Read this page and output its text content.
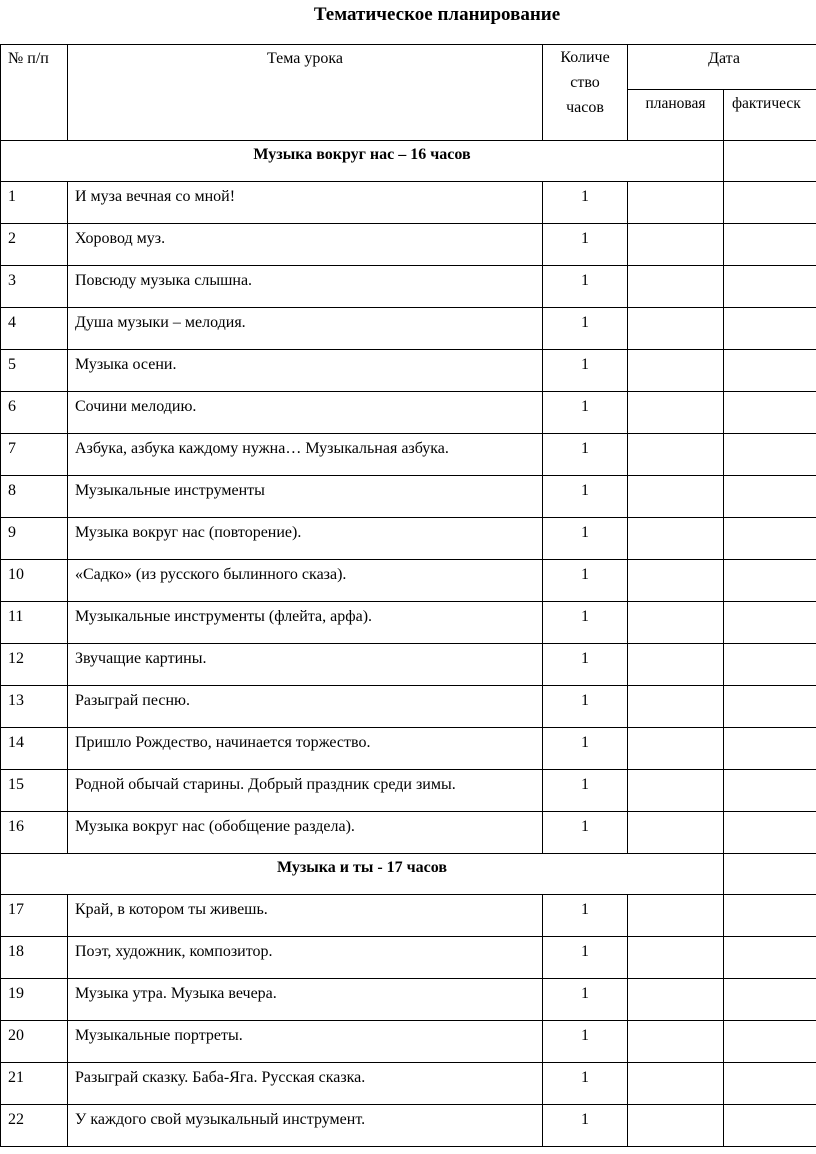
Тематическое планирование
№ п/п	Тема урока	Количе
ство
часов	Дата	

			плановая	фактическ

Музыка вокруг нас – 16 часов				

1	И муза вечная со мной!	1		

2	Хоровод муз.	1		

3	Повсюду музыка слышна.	1		

4	Душа музыки – мелодия.	1		

5	Музыка осени.	1		

6	Сочини мелодию.	1		

7	Азбука, азбука каждому нужна… Музыкальная азбука.	1		

8	Музыкальные инструменты	1		

9	Музыка вокруг нас (повторение).	1		

10	«Садко» (из русского былинного сказа).	1		

11	Музыкальные инструменты (флейта, арфа).	1		

12	Звучащие картины.	1		

13	Разыграй песню.	1		

14	Пришло Рождество, начинается торжество.	1		

15	Родной обычай старины. Добрый праздник среди зимы.	1		

16	Музыка вокруг нас (обобщение раздела).	1		

Музыка и ты - 17 часов				

17	Край, в котором ты живешь.	1		

18	Поэт, художник, композитор.	1		

19	Музыка утра. Музыка вечера.	1		

20	Музыкальные портреты.	1		

21	Разыграй сказку. Баба-Яга. Русская сказка.	1		

22	У каждого свой музыкальный инструмент.	1		
